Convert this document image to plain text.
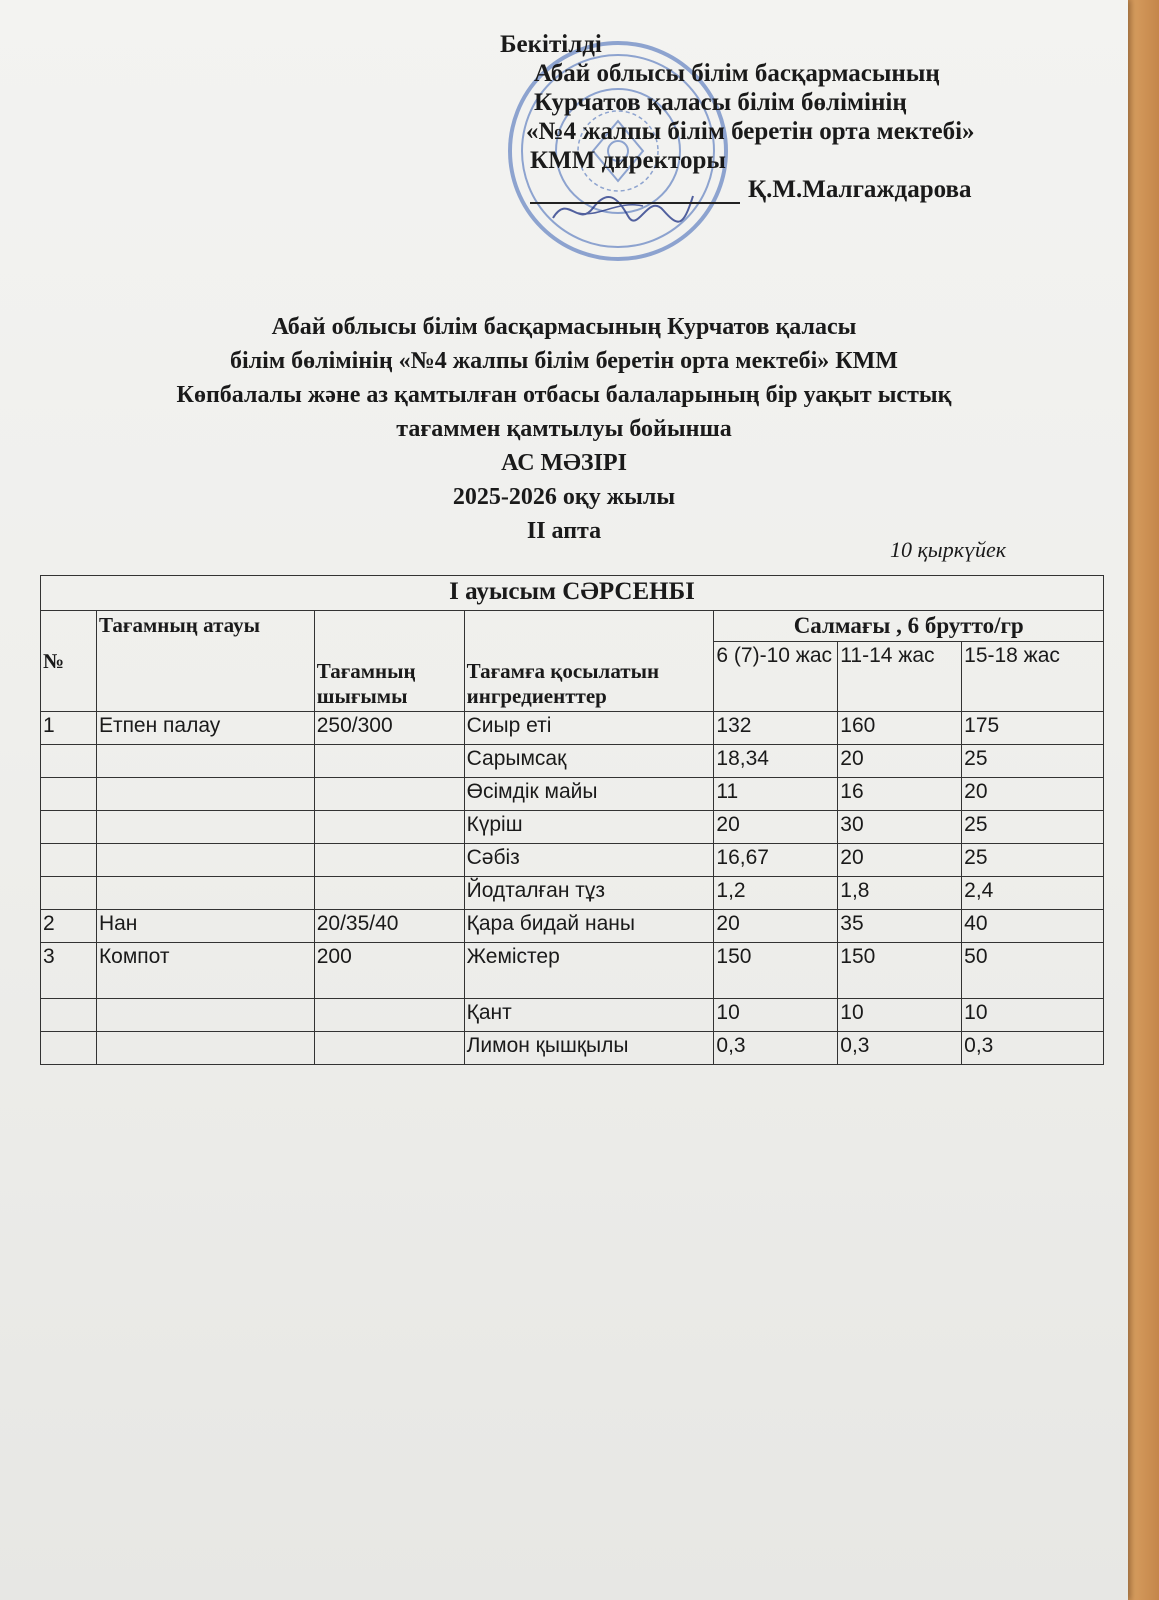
Бекітілді
Абай облысы білім басқармасының
Курчатов қаласы білім бөлімінің
«№4 жалпы білім беретін орта мектебі»
КММ директоры
Қ.М.Малгаждарова
Абай облысы білім басқармасының Курчатов қаласы
білім бөлімінің «№4 жалпы білім беретін орта мектебі» КММ
Көпбалалы және аз қамтылған отбасы балаларының бір уақыт ыстық
тағаммен қамтылуы бойынша
АС МӘЗІРІ
2025-2026 оқу жылы
II апта
10 қыркүйек
I ауысым СӘРСЕНБІ						
№	Тағамның атауы	Тағамның шығымы	Тағамға қосылатын ингредиенттер	Салмағы , 6 брутто/гр		
				6 (7)-10 жас	11-14 жас	15-18 жас
1	Етпен палау	250/300	Сиыр еті	132	160	175
			Сарымсақ	18,34	20	25
			Өсімдік майы	11	16	20
			Күріш	20	30	25
			Сәбіз	16,67	20	25
			Йодталған тұз	1,2	1,8	2,4
2	Нан	20/35/40	Қара бидай наны	20	35	40
3	Компот	200	Жемістер	150	150	50
			Қант	10	10	10
			Лимон қышқылы	0,3	0,3	0,3
